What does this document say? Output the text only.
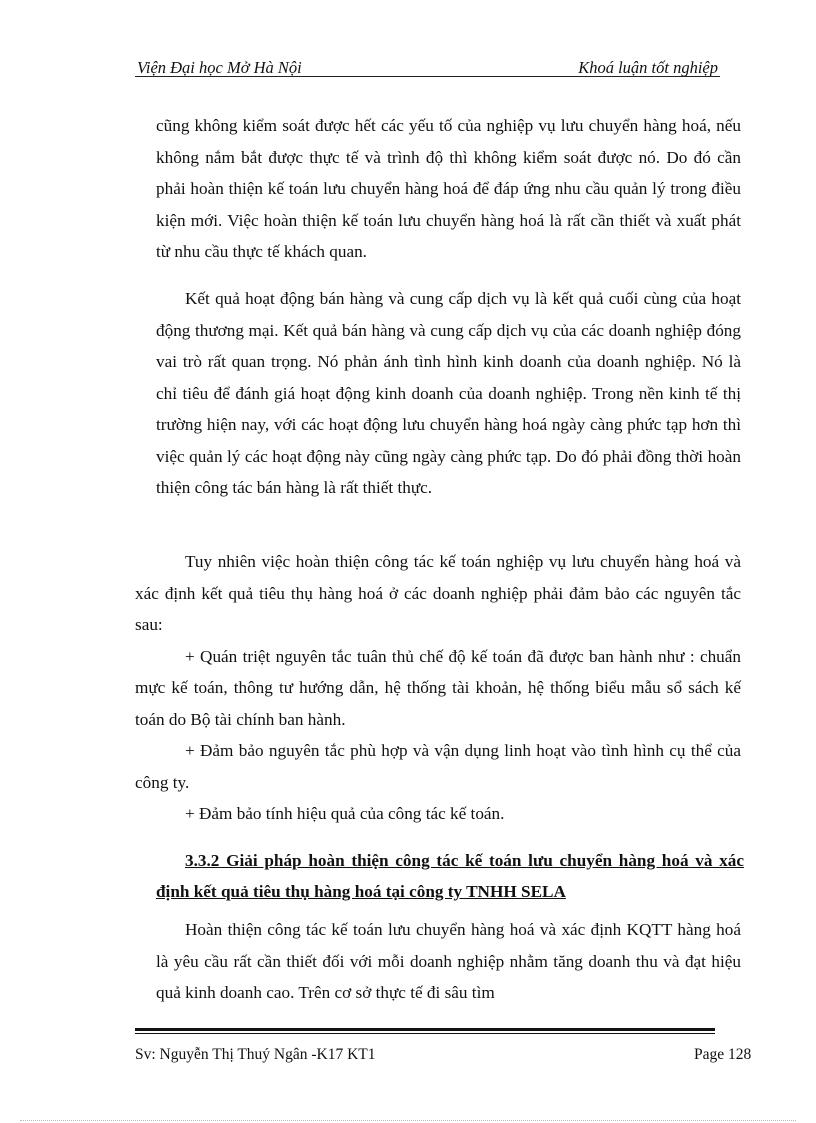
Viện Đại học Mở Hà Nội	Khoá luận tốt nghiệp

cũng không kiểm soát được hết các yếu tố của nghiệp vụ lưu chuyển hàng hoá, nếu không nắm bắt được thực tế và trình độ thì không kiểm soát được nó. Do đó cần phải hoàn thiện kế toán lưu chuyển hàng hoá để đáp ứng nhu cầu quản lý trong điều kiện mới. Việc hoàn thiện kế toán lưu chuyển hàng hoá là rất cần thiết và xuất phát từ nhu cầu thực tế khách quan.

Kết quả hoạt động bán hàng và cung cấp dịch vụ là kết quả cuối cùng của hoạt động thương mại. Kết quả bán hàng và cung cấp dịch vụ của các doanh nghiệp đóng vai trò rất quan trọng. Nó phản ánh tình hình kinh doanh của doanh nghiệp. Nó là chỉ tiêu để đánh giá hoạt động kinh doanh của doanh nghiệp. Trong nền kinh tế thị trường hiện nay, với các hoạt động lưu chuyển hàng hoá ngày càng phức tạp hơn thì việc quản lý các hoạt động này cũng ngày càng phức tạp. Do đó phải đồng thời hoàn thiện công tác bán hàng là rất thiết thực.

Tuy nhiên việc hoàn thiện công tác kế toán nghiệp vụ lưu chuyển hàng hoá và xác định kết quả tiêu thụ hàng hoá ở các doanh nghiệp phải đảm bảo các nguyên tắc sau:

+ Quán triệt nguyên tắc tuân thủ chế độ kế toán đã được ban hành như : chuẩn mực kế toán, thông tư hướng dẫn, hệ thống tài khoản, hệ thống biểu mẫu sổ sách kế toán do Bộ tài chính ban hành.

+ Đảm bảo nguyên tắc phù hợp và vận dụng linh hoạt vào tình hình cụ thể của công ty.

+ Đảm bảo tính hiệu quả của công tác kế toán.

3.3.2 Giải pháp hoàn thiện công tác kế toán lưu chuyển hàng hoá và xác định kết quả tiêu thụ hàng hoá tại công ty TNHH SELA

Hoàn thiện công tác kế toán lưu chuyển hàng hoá và xác định KQTT hàng hoá là yêu cầu rất cần thiết đối với mỗi doanh nghiệp nhằm tăng doanh thu và đạt hiệu quả kinh doanh cao. Trên cơ sở thực tế đi sâu tìm

Sv: Nguyễn Thị Thuý Ngân -K17 KT1	Page 128
